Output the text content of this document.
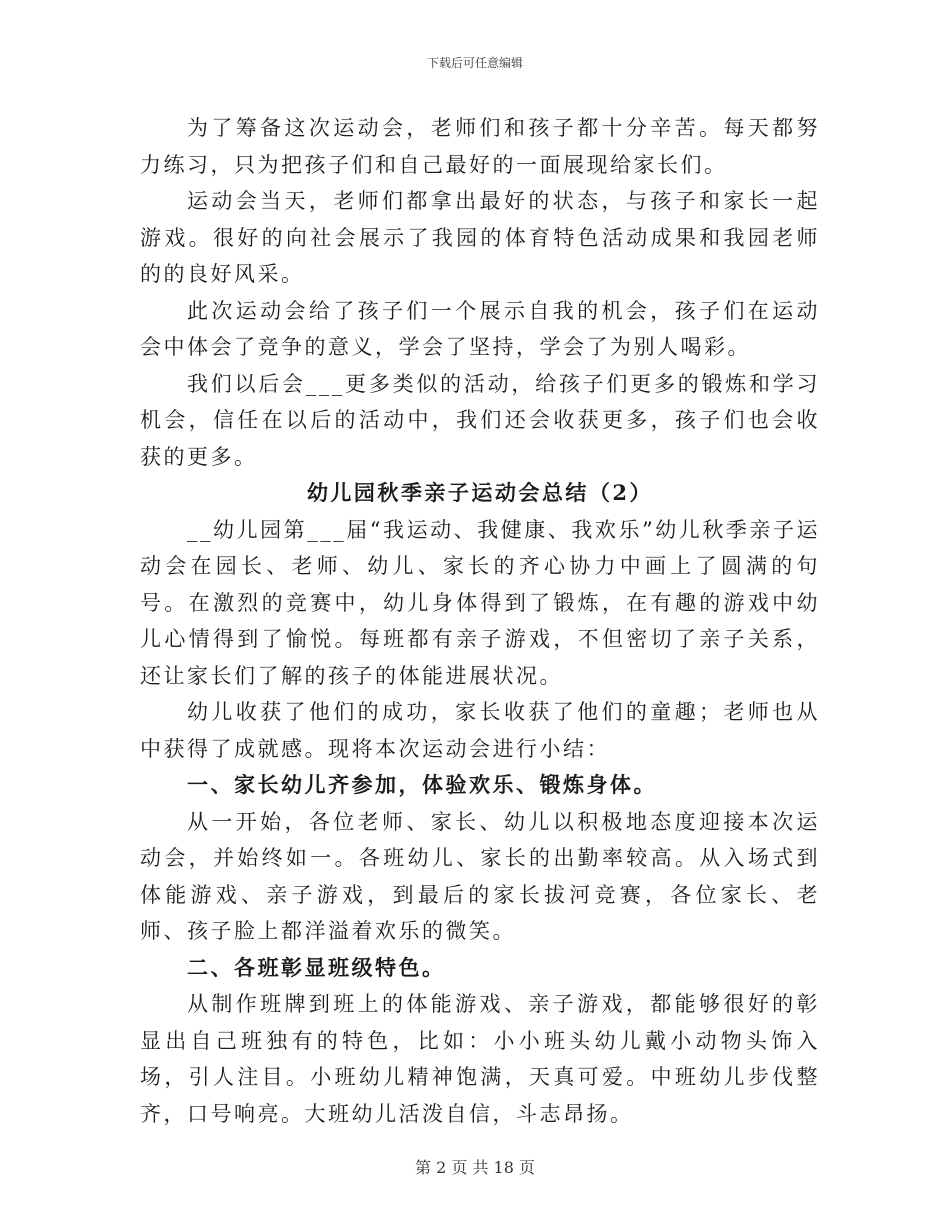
下载后可任意编辑

为了筹备这次运动会，老师们和孩子都十分辛苦。每天都努力练习，只为把孩子们和自己最好的一面展现给家长们。

运动会当天，老师们都拿出最好的状态，与孩子和家长一起游戏。很好的向社会展示了我园的体育特色活动成果和我园老师的的良好风采。

此次运动会给了孩子们一个展示自我的机会，孩子们在运动会中体会了竞争的意义，学会了坚持，学会了为别人喝彩。

我们以后会___更多类似的活动，给孩子们更多的锻炼和学习机会，信任在以后的活动中，我们还会收获更多，孩子们也会收获的更多。

幼儿园秋季亲子运动会总结（2）

__幼儿园第___届“我运动、我健康、我欢乐”幼儿秋季亲子运动会在园长、老师、幼儿、家长的齐心协力中画上了圆满的句号。在激烈的竞赛中，幼儿身体得到了锻炼，在有趣的游戏中幼儿心情得到了愉悦。每班都有亲子游戏，不但密切了亲子关系，还让家长们了解的孩子的体能进展状况。

幼儿收获了他们的成功，家长收获了他们的童趣；老师也从中获得了成就感。现将本次运动会进行小结：

一、家长幼儿齐参加，体验欢乐、锻炼身体。

从一开始，各位老师、家长、幼儿以积极地态度迎接本次运动会，并始终如一。各班幼儿、家长的出勤率较高。从入场式到体能游戏、亲子游戏，到最后的家长拔河竞赛，各位家长、老师、孩子脸上都洋溢着欢乐的微笑。

二、各班彰显班级特色。

从制作班牌到班上的体能游戏、亲子游戏，都能够很好的彰显出自己班独有的特色，比如：小小班头幼儿戴小动物头饰入场，引人注目。小班幼儿精神饱满，天真可爱。中班幼儿步伐整齐，口号响亮。大班幼儿活泼自信，斗志昂扬。

第 2 页 共 18 页
